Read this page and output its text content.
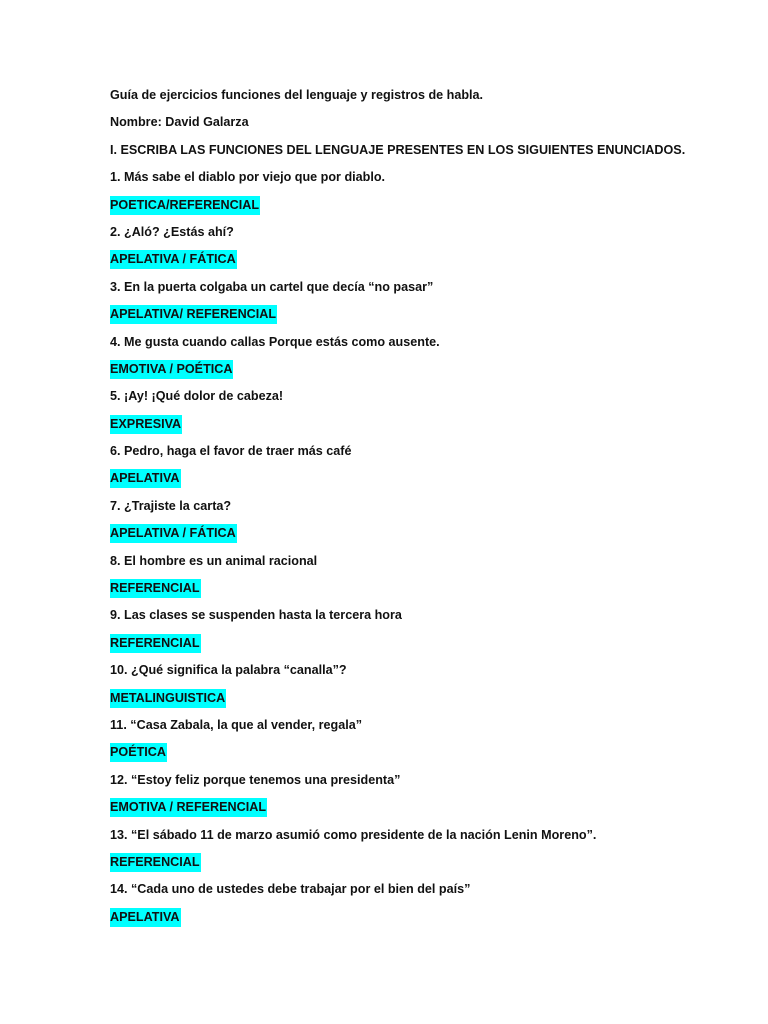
Guía de ejercicios funciones del lenguaje y registros de habla.
Nombre: David Galarza
I. ESCRIBA LAS FUNCIONES DEL LENGUAJE PRESENTES EN LOS SIGUIENTES ENUNCIADOS.
1. Más sabe el diablo por viejo que por diablo.
POETICA/REFERENCIAL
2. ¿Aló? ¿Estás ahí?
APELATIVA / FÁTICA
3. En la puerta colgaba un cartel que decía “no pasar”
APELATIVA/ REFERENCIAL
4. Me gusta cuando callas Porque estás como ausente.
EMOTIVA / POÉTICA
5. ¡Ay! ¡Qué dolor de cabeza!
EXPRESIVA
6. Pedro, haga el favor de traer más café
APELATIVA
7. ¿Trajiste la carta?
APELATIVA / FÁTICA
8. El hombre es un animal racional
REFERENCIAL
9. Las clases se suspenden hasta la tercera hora
REFERENCIAL
10. ¿Qué significa la palabra “canalla”?
METALINGUISTICA
11. “Casa Zabala, la que al vender, regala”
POÉTICA
12. “Estoy feliz porque tenemos una presidenta”
EMOTIVA / REFERENCIAL
13. “El sábado 11 de marzo asumió como presidente de la nación Lenin Moreno”.
REFERENCIAL
14. “Cada uno de ustedes debe trabajar por el bien del país”
APELATIVA
